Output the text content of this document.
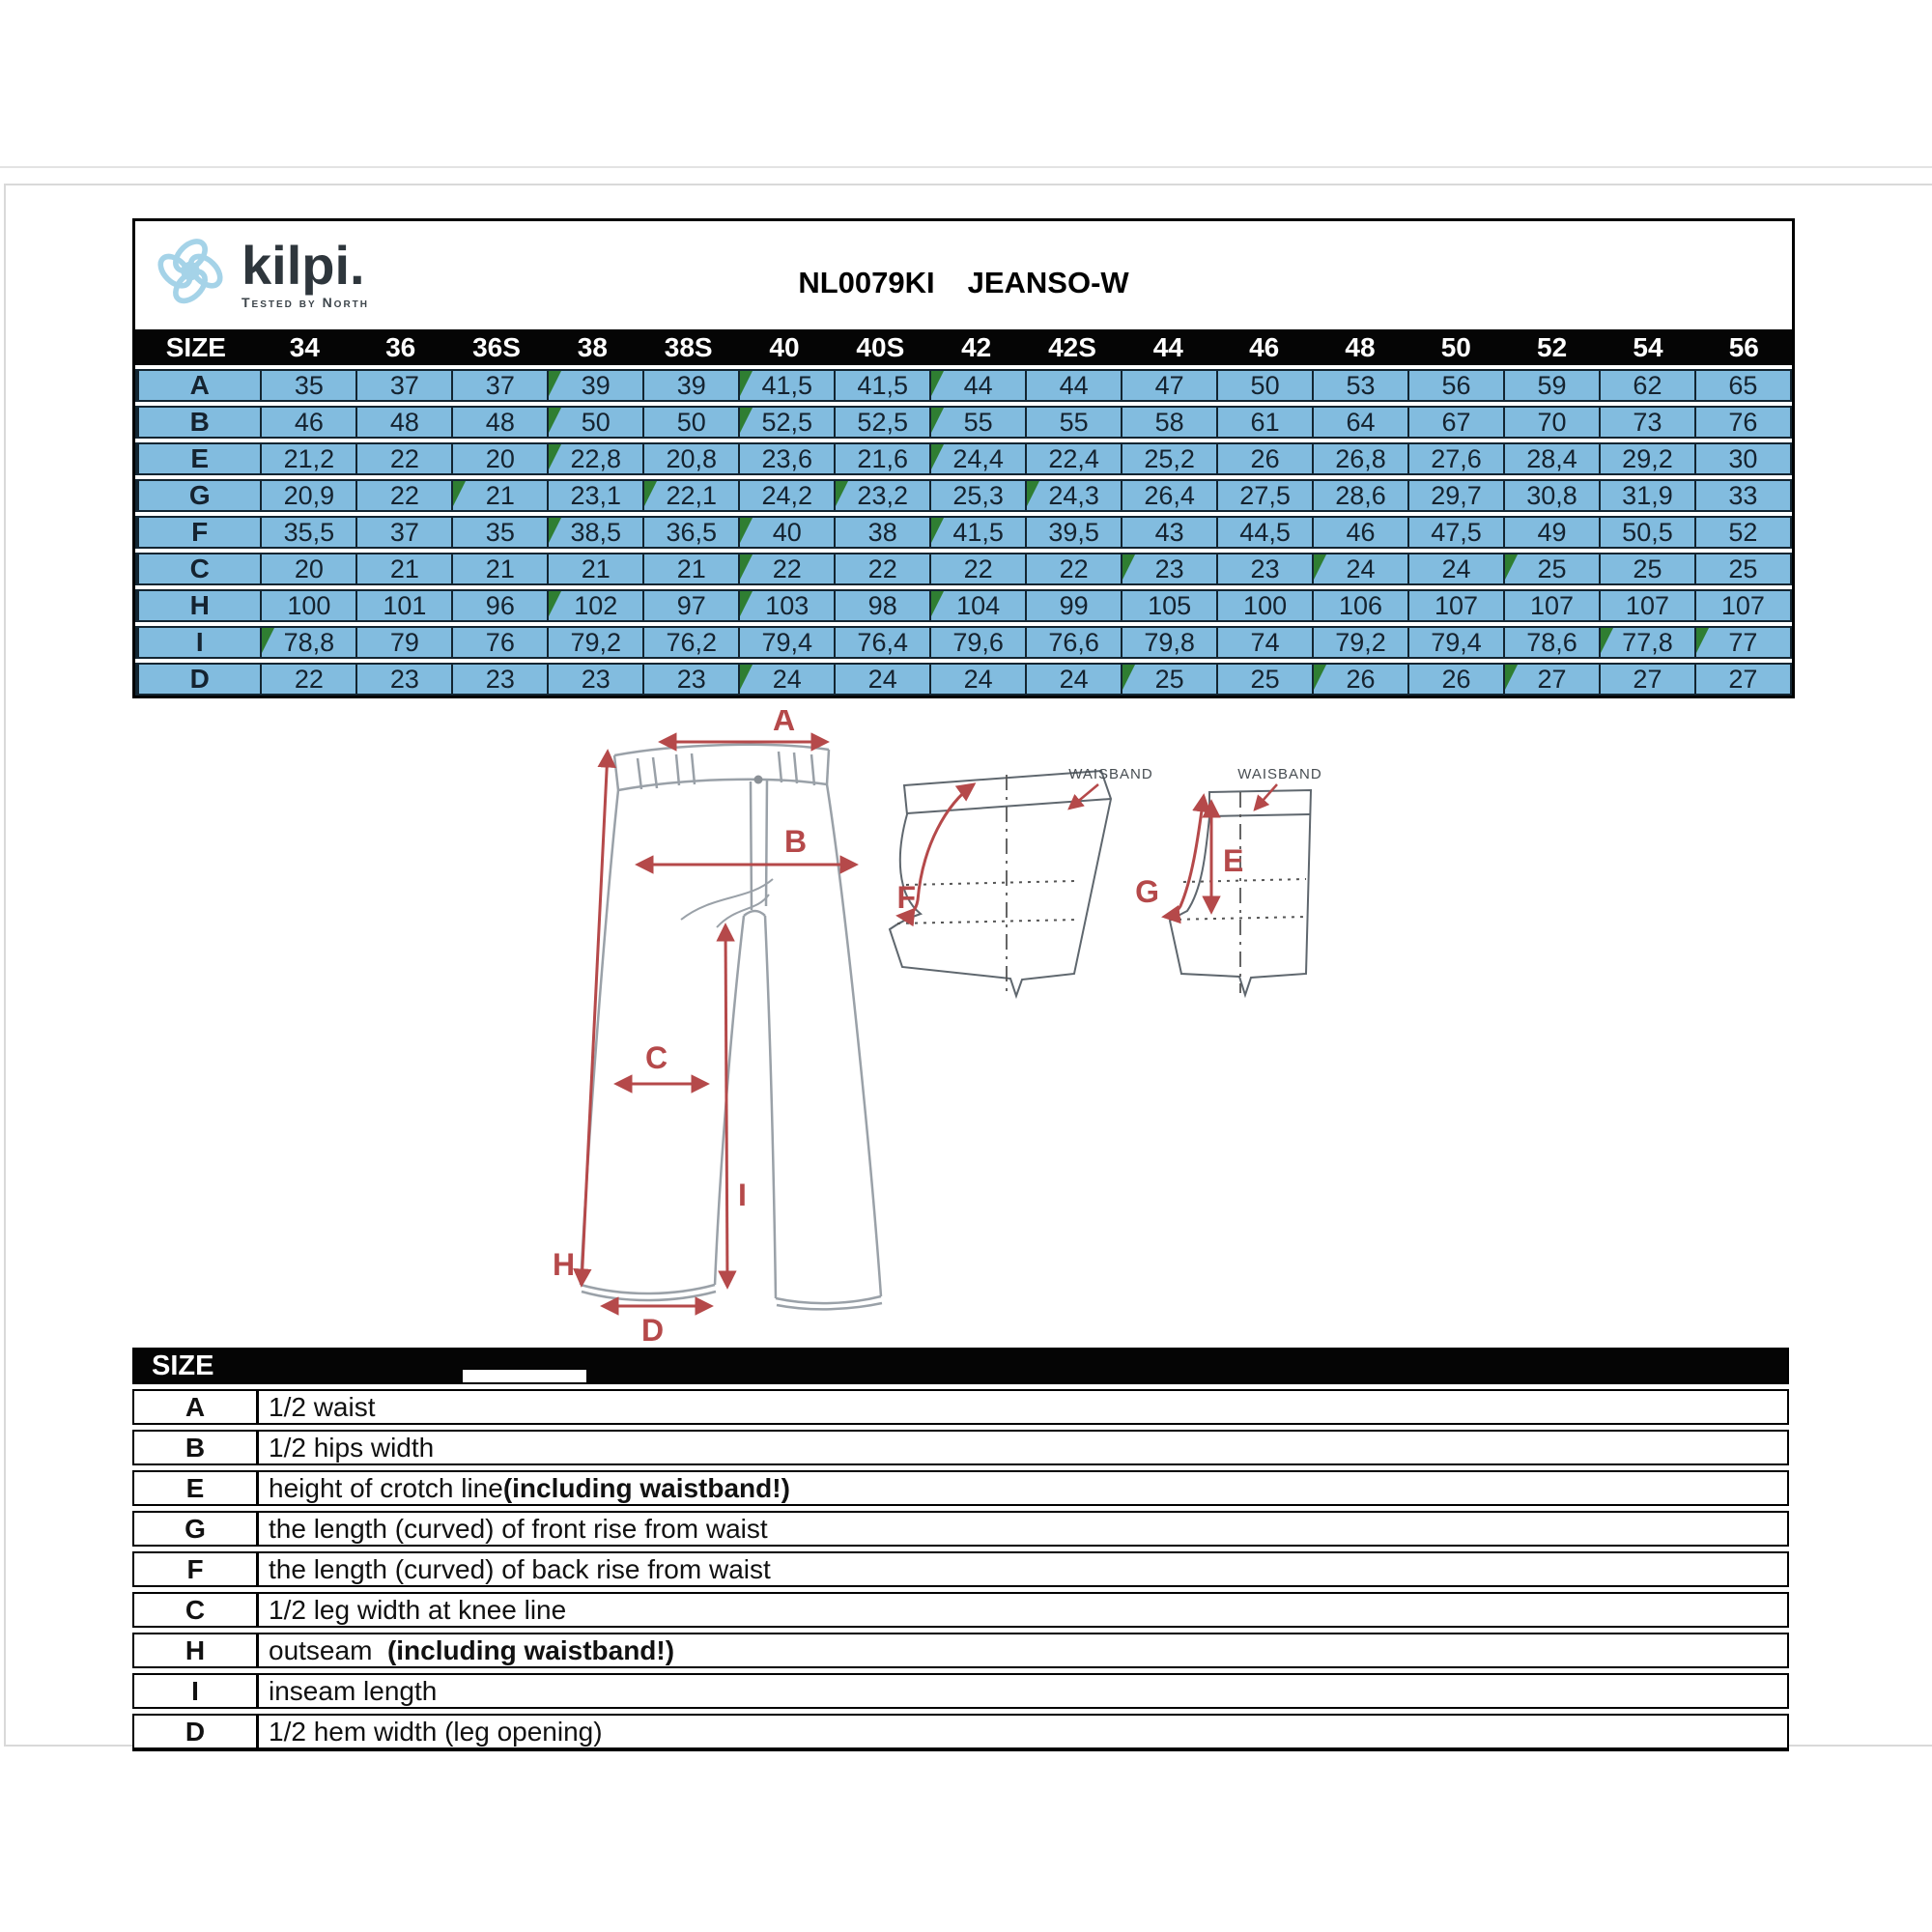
kilpi.
Tested by North
NL0079KI JEANSO-W
SIZE	34	36	36S	38	38S	40	40S	42	42S	44	46	48	50	52	54	56
A	35	37	37	39	39	41,5	41,5	44	44	47	50	53	56	59	62	65
B	46	48	48	50	50	52,5	52,5	55	55	58	61	64	67	70	73	76
E	21,2	22	20	22,8	20,8	23,6	21,6	24,4	22,4	25,2	26	26,8	27,6	28,4	29,2	30
G	20,9	22	21	23,1	22,1	24,2	23,2	25,3	24,3	26,4	27,5	28,6	29,7	30,8	31,9	33
F	35,5	37	35	38,5	36,5	40	38	41,5	39,5	43	44,5	46	47,5	49	50,5	52
C	20	21	21	21	21	22	22	22	22	23	23	24	24	25	25	25
H	100	101	96	102	97	103	98	104	99	105	100	106	107	107	107	107
I	78,8	79	76	79,2	76,2	79,4	76,4	79,6	76,6	79,8	74	79,2	79,4	78,6	77,8	77
D	22	23	23	23	23	24	24	24	24	25	25	26	26	27	27	27
A
B
C
H
I
D
F
WAISBAND
G
E
WAISBAND
SIZE
A	1/2 waist
B	1/2 hips width
E	height of crotch line (including waistband!)
G	the length (curved) of front rise from waist
F	the length (curved) of back rise from waist
C	1/2 leg width at knee line
H	outseam (including waistband!)
I	inseam length
D	1/2 hem width (leg opening)
